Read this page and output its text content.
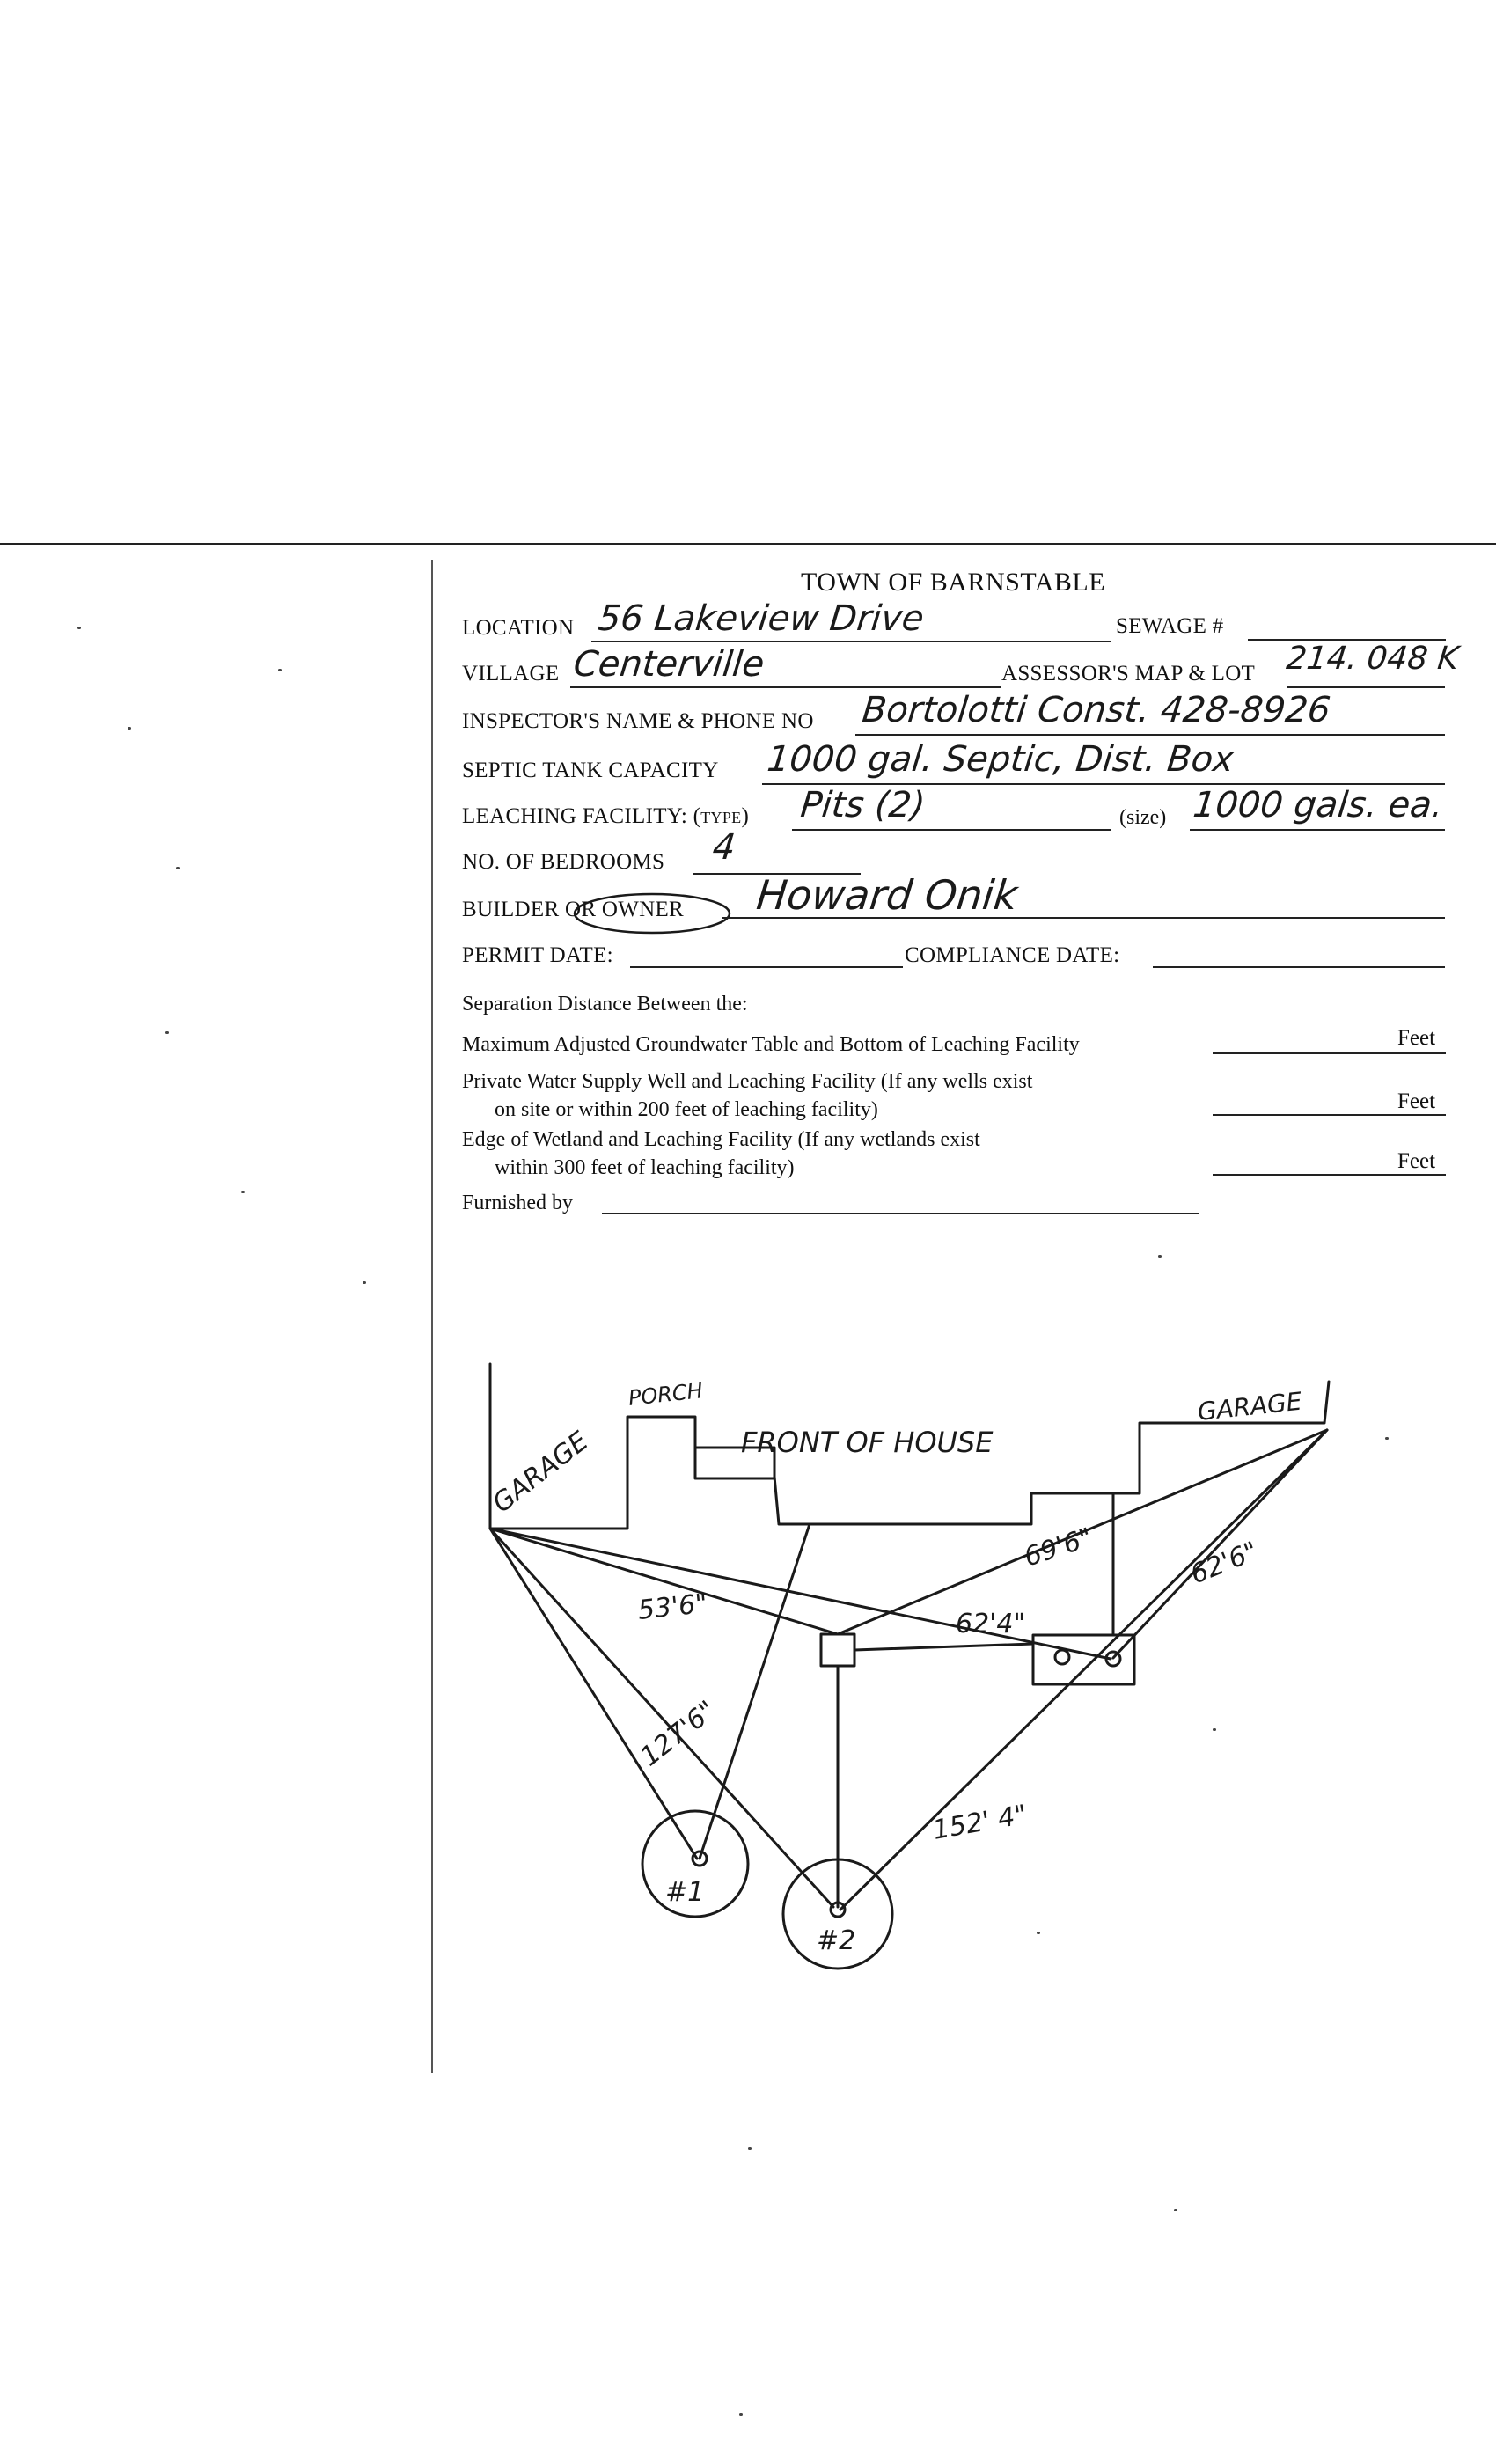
TOWN OF BARNSTABLE
LOCATION 56 Lakeview Drive	SEWAGE #
VILLAGE Centerville	ASSESSOR'S MAP & LOT 214. 048 K
INSPECTOR'S NAME & PHONE NO Bortolotti Const. 428-8926
SEPTIC TANK CAPACITY 1000 gal. Septic, Dist. Box
LEACHING FACILITY: (type) Pits (2)	(size) 1000 gals. ea.
NO. OF BEDROOMS 4
BUILDER OR OWNER Howard Onik
PERMIT DATE:	COMPLIANCE DATE:
Separation Distance Between the:
Maximum Adjusted Groundwater Table and Bottom of Leaching Facility	Feet
Private Water Supply Well and Leaching Facility (If any wells exist
on site or within 200 feet of leaching facility)	Feet
Edge of Wetland and Leaching Facility (If any wetlands exist
within 300 feet of leaching facility)	Feet
Furnished by
GARAGE
PORCH
FRONT OF HOUSE
GARAGE
53'6"	62'4"
69'6"	62'6"
127'6"
152' 4"
#1
#2
